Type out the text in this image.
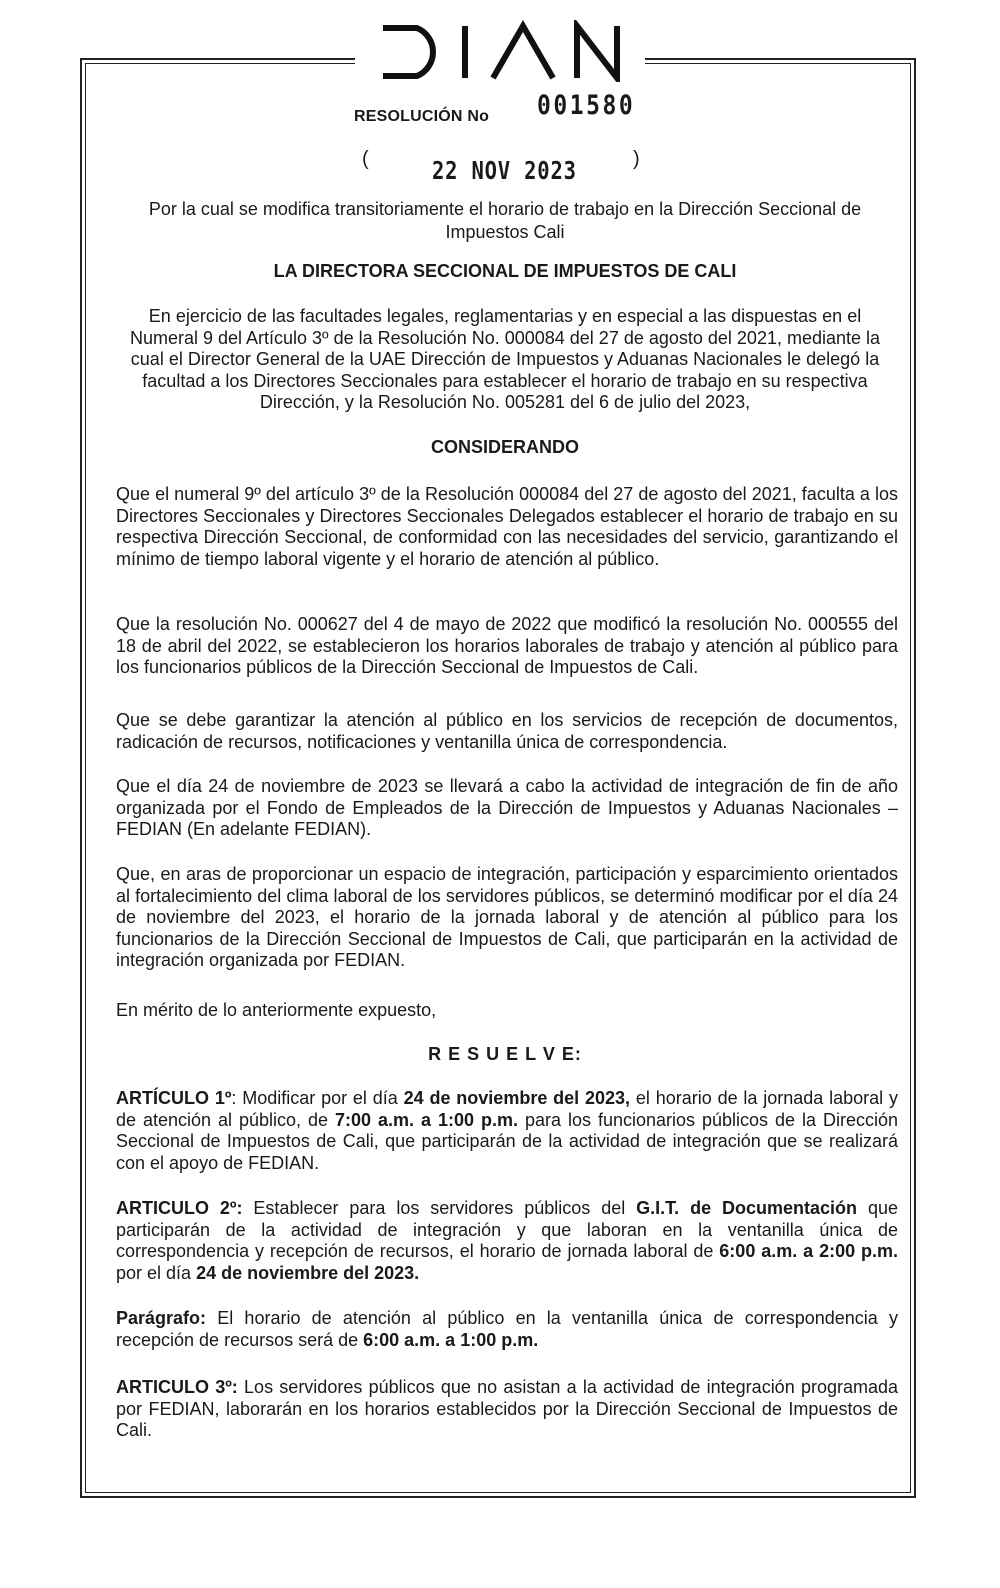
RESOLUCIÓN No 001580
(	22 NOV 2023	)
Por la cual se modifica transitoriamente el horario de trabajo en la Dirección Seccional de Impuestos Cali
LA DIRECTORA SECCIONAL DE IMPUESTOS DE CALI
En ejercicio de las facultades legales, reglamentarias y en especial a las dispuestas en el Numeral 9 del Artículo 3º de la Resolución No. 000084 del 27 de agosto del 2021, mediante la cual el Director General de la UAE Dirección de Impuestos y Aduanas Nacionales le delegó la facultad a los Directores Seccionales para establecer el horario de trabajo en su respectiva Dirección, y la Resolución No. 005281 del 6 de julio del 2023,
CONSIDERANDO
Que el numeral 9º del artículo 3º de la Resolución 000084 del 27 de agosto del 2021, faculta a los Directores Seccionales y Directores Seccionales Delegados establecer el horario de trabajo en su respectiva Dirección Seccional, de conformidad con las necesidades del servicio, garantizando el mínimo de tiempo laboral vigente y el horario de atención al público.
Que la resolución No. 000627 del 4 de mayo de 2022 que modificó la resolución No. 000555 del 18 de abril del 2022, se establecieron los horarios laborales de trabajo y atención al público para los funcionarios públicos de la Dirección Seccional de Impuestos de Cali.
Que se debe garantizar la atención al público en los servicios de recepción de documentos, radicación de recursos, notificaciones y ventanilla única de correspondencia.
Que el día 24 de noviembre de 2023 se llevará a cabo la actividad de integración de fin de año organizada por el Fondo de Empleados de la Dirección de Impuestos y Aduanas Nacionales – FEDIAN (En adelante FEDIAN).
Que, en aras de proporcionar un espacio de integración, participación y esparcimiento orientados al fortalecimiento del clima laboral de los servidores públicos, se determinó modificar por el día 24 de noviembre del 2023, el horario de la jornada laboral y de atención al público para los funcionarios de la Dirección Seccional de Impuestos de Cali, que participarán en la actividad de integración organizada por FEDIAN.
En mérito de lo anteriormente expuesto,
R E S U E L V E:
ARTÍCULO 1º: Modificar por el día 24 de noviembre del 2023, el horario de la jornada laboral y de atención al público, de 7:00 a.m. a 1:00 p.m. para los funcionarios públicos de la Dirección Seccional de Impuestos de Cali, que participarán de la actividad de integración que se realizará con el apoyo de FEDIAN.
ARTICULO 2º: Establecer para los servidores públicos del G.I.T. de Documentación que participarán de la actividad de integración y que laboran en la ventanilla única de correspondencia y recepción de recursos, el horario de jornada laboral de 6:00 a.m. a 2:00 p.m. por el día 24 de noviembre del 2023.
Parágrafo: El horario de atención al público en la ventanilla única de correspondencia y recepción de recursos será de 6:00 a.m. a 1:00 p.m.
ARTICULO 3º: Los servidores públicos que no asistan a la actividad de integración programada por FEDIAN, laborarán en los horarios establecidos por la Dirección Seccional de Impuestos de Cali.
